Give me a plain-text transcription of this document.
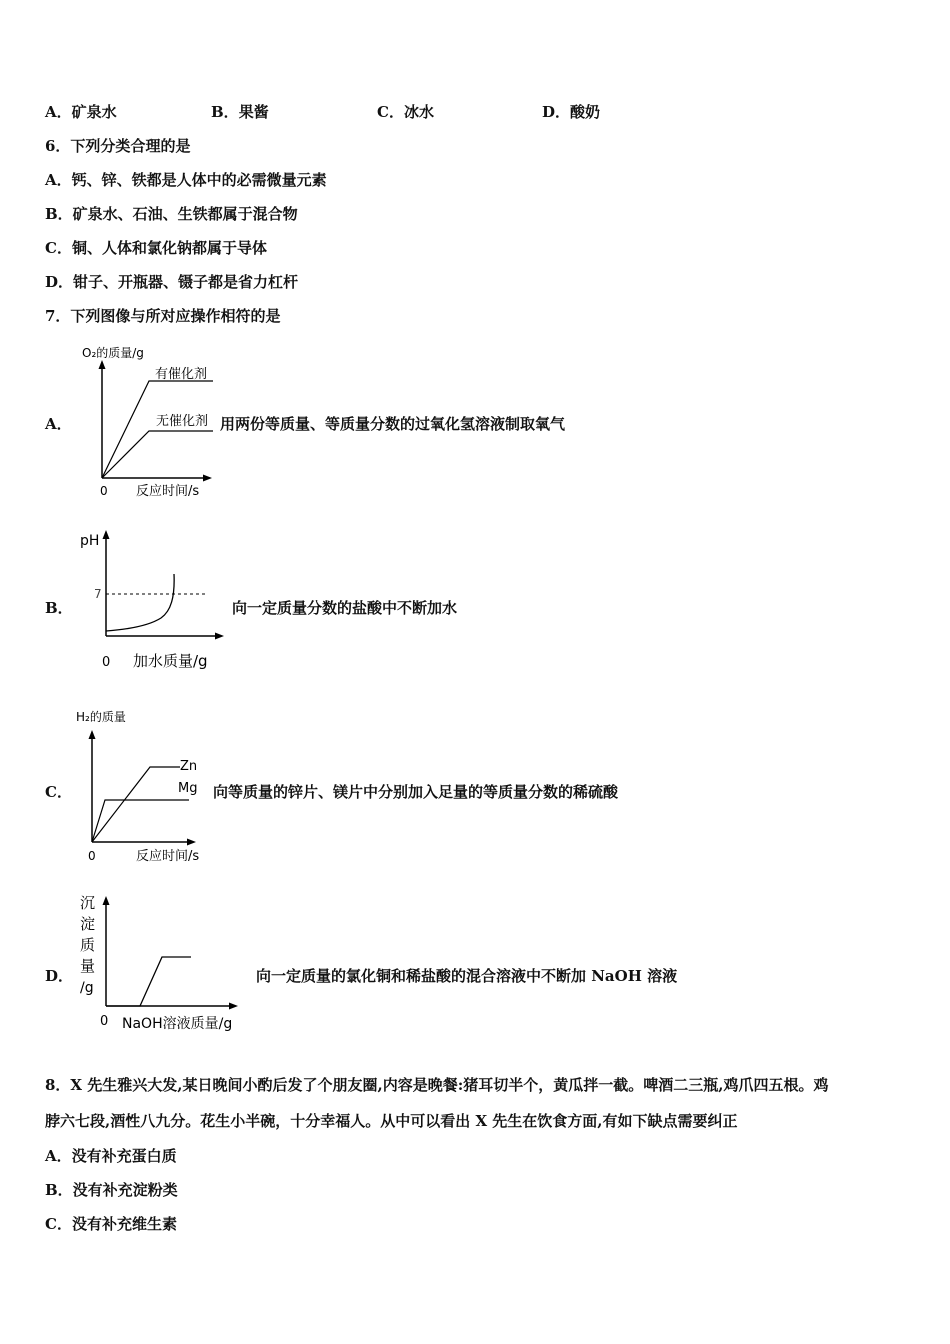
A．矿泉水	B．果酱	C．冰水	D．酸奶
6．下列分类合理的是
A．钙、锌、铁都是人体中的必需微量元素
B．矿泉水、石油、生铁都属于混合物
C．铜、人体和氯化钠都属于导体
D．钳子、开瓶器、镊子都是省力杠杆
7．下列图像与所对应操作相符的是
A．
O₂的质量/g
有催化剂
无催化剂
0 反应时间/s
用两份等质量、等质量分数的过氧化氢溶液制取氧气
B．
pH
7
0 加水质量/g
向一定质量分数的盐酸中不断加水
C．
H₂的质量
Zn
Mg
0	反应时间/s
向等质量的锌片、镁片中分别加入足量的等质量分数的稀硫酸
D．
沉
淀
质
量
/g
0 NaOH溶液质量/g
向一定质量的氯化铜和稀盐酸的混合溶液中不断加 NaOH 溶液
8．X 先生雅兴大发,某日晚间小酌后发了个朋友圈,内容是晚餐:猪耳切半个，黄瓜拌一截。啤酒二三瓶,鸡爪四五根。鸡
脖六七段,酒性八九分。花生小半碗，十分幸福人。从中可以看出 X 先生在饮食方面,有如下缺点需要纠正
A．没有补充蛋白质
B．没有补充淀粉类
C．没有补充维生素
